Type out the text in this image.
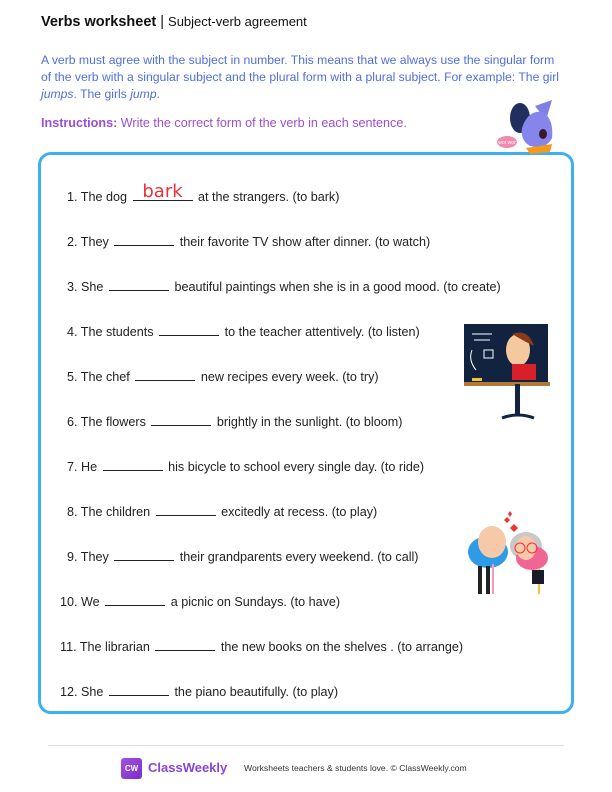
Verbs worksheet | Subject-verb agreement
A verb must agree with the subject in number. This means that we always use the singular form of the verb with a singular subject and the plural form with a plural subject. For example: The girl jumps. The girls jump.
Instructions: Write the correct form of the verb in each sentence.
1. The dog bark	at the strangers. (to bark)
2. They	their favorite TV show after dinner. (to watch)
3. She	beautiful paintings when she is in a good mood. (to create)
4. The students	to the teacher attentively. (to listen)
5. The chef	new recipes every week. (to try)
6. The flowers	brightly in the sunlight. (to bloom)
7. He	his bicycle to school every single day. (to ride)
8. The children	excitedly at recess. (to play)
9. They	their grandparents every weekend. (to call)
10. We	a picnic on Sundays. (to have)
11. The librarian	the new books on the shelves . (to arrange)
12. She	the piano beautifully. (to play)
wor wor
CW ClassWeekly Worksheets teachers & students love. © ClassWeekly.com
